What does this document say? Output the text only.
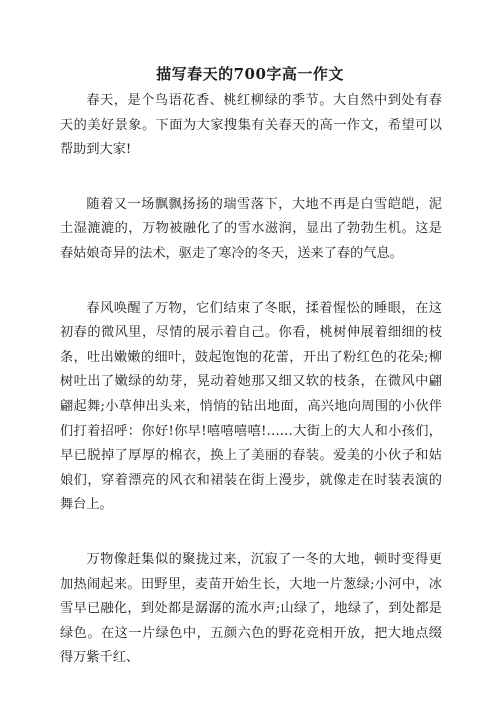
描写春天的700字高一作文

春天，是个鸟语花香、桃红柳绿的季节。大自然中到处有春天的美好景象。下面为大家搜集有关春天的高一作文，希望可以帮助到大家!

随着又一场飘飘扬扬的瑞雪落下，大地不再是白雪皑皑，泥土湿漉漉的，万物被融化了的雪水滋润，显出了勃勃生机。这是春姑娘奇异的法术，驱走了寒冷的冬天，送来了春的气息。

春风唤醒了万物，它们结束了冬眠，揉着惺忪的睡眼，在这初春的微风里，尽情的展示着自己。你看，桃树伸展着细细的枝条，吐出嫩嫩的细叶，鼓起饱饱的花蕾，开出了粉红色的花朵;柳树吐出了嫩绿的幼芽，晃动着她那又细又软的枝条，在微风中翩翩起舞;小草伸出头来，悄悄的钻出地面，高兴地向周围的小伙伴们打着招呼：你好!你早!嘻嘻嘻嘻!……大街上的大人和小孩们，早已脱掉了厚厚的棉衣，换上了美丽的春装。爱美的小伙子和姑娘们，穿着漂亮的风衣和裙装在街上漫步，就像走在时装表演的舞台上。

万物像赶集似的聚拢过来，沉寂了一冬的大地，顿时变得更加热闹起来。田野里，麦苗开始生长，大地一片葱绿;小河中，冰雪早已融化，到处都是潺潺的流水声;山绿了，地绿了，到处都是绿色。在这一片绿色中，五颜六色的野花竞相开放，把大地点缀得万紫千红、
